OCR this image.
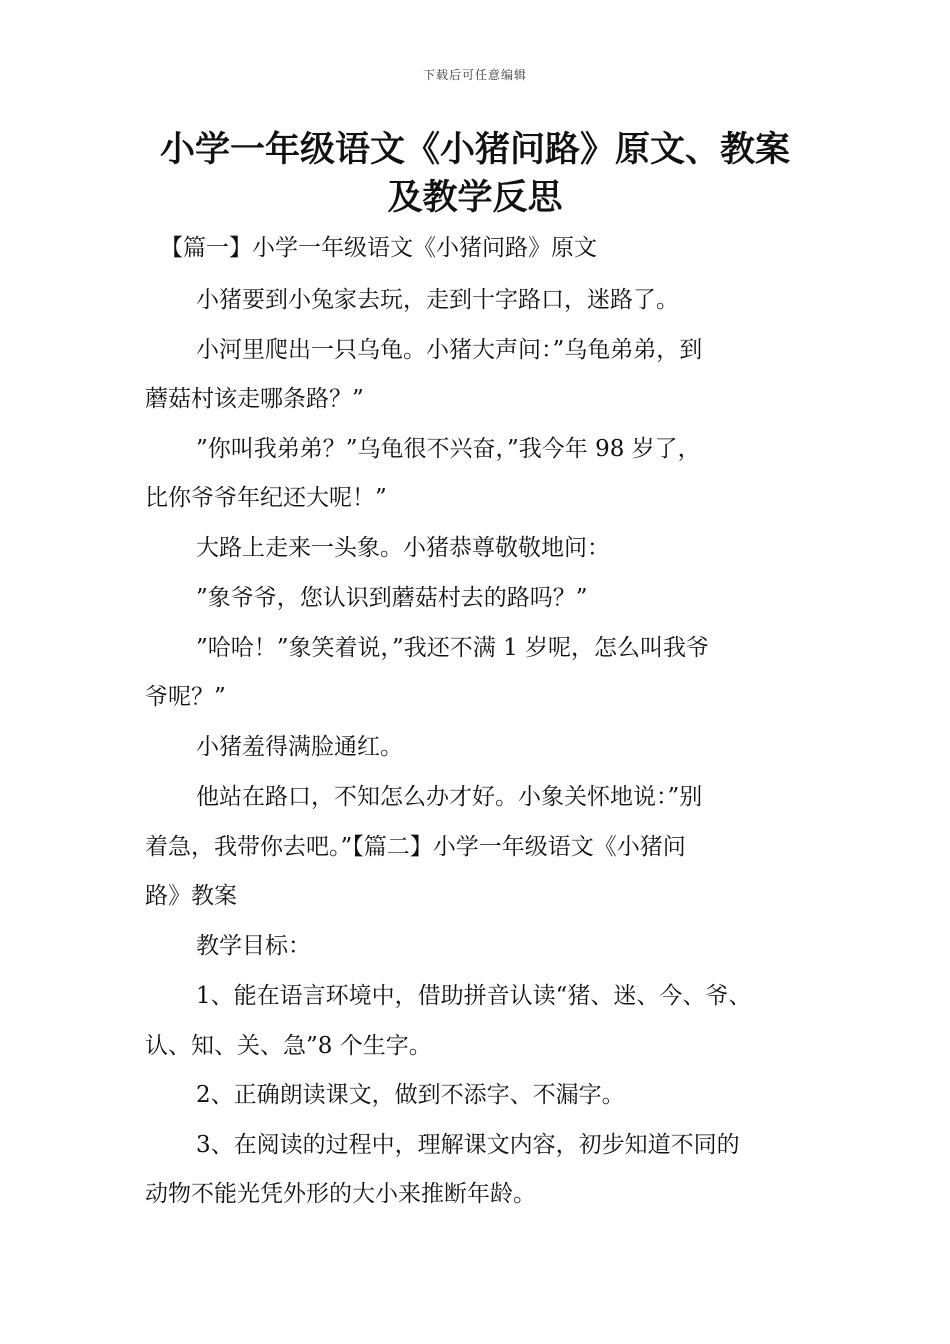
下载后可任意编辑
小学一年级语文《小猪问路》原文、教案
及教学反思

【篇一】小学一年级语文《小猪问路》原文

小猪要到小兔家去玩，走到十字路口，迷路了。

小河里爬出一只乌龟。小猪大声问：”乌龟弟弟，到

蘑菇村该走哪条路？”

”你叫我弟弟？”乌龟很不兴奋，”我今年 98 岁了，

比你爷爷年纪还大呢！”

大路上走来一头象。小猪恭尊敬敬地问：

”象爷爷，您认识到蘑菇村去的路吗？”

”哈哈！”象笑着说，”我还不满 1 岁呢，怎么叫我爷

爷呢？”

小猪羞得满脸通红。

他站在路口，不知怎么办才好。小象关怀地说：”别

着急，我带你去吧。”【篇二】小学一年级语文《小猪问

路》教案

教学目标：

1、能在语言环境中，借助拼音认读“猪、迷、今、爷、

认、知、关、急”8 个生字。

2、正确朗读课文，做到不添字、不漏字。

3、在阅读的过程中，理解课文内容，初步知道不同的

动物不能光凭外形的大小来推断年龄。
